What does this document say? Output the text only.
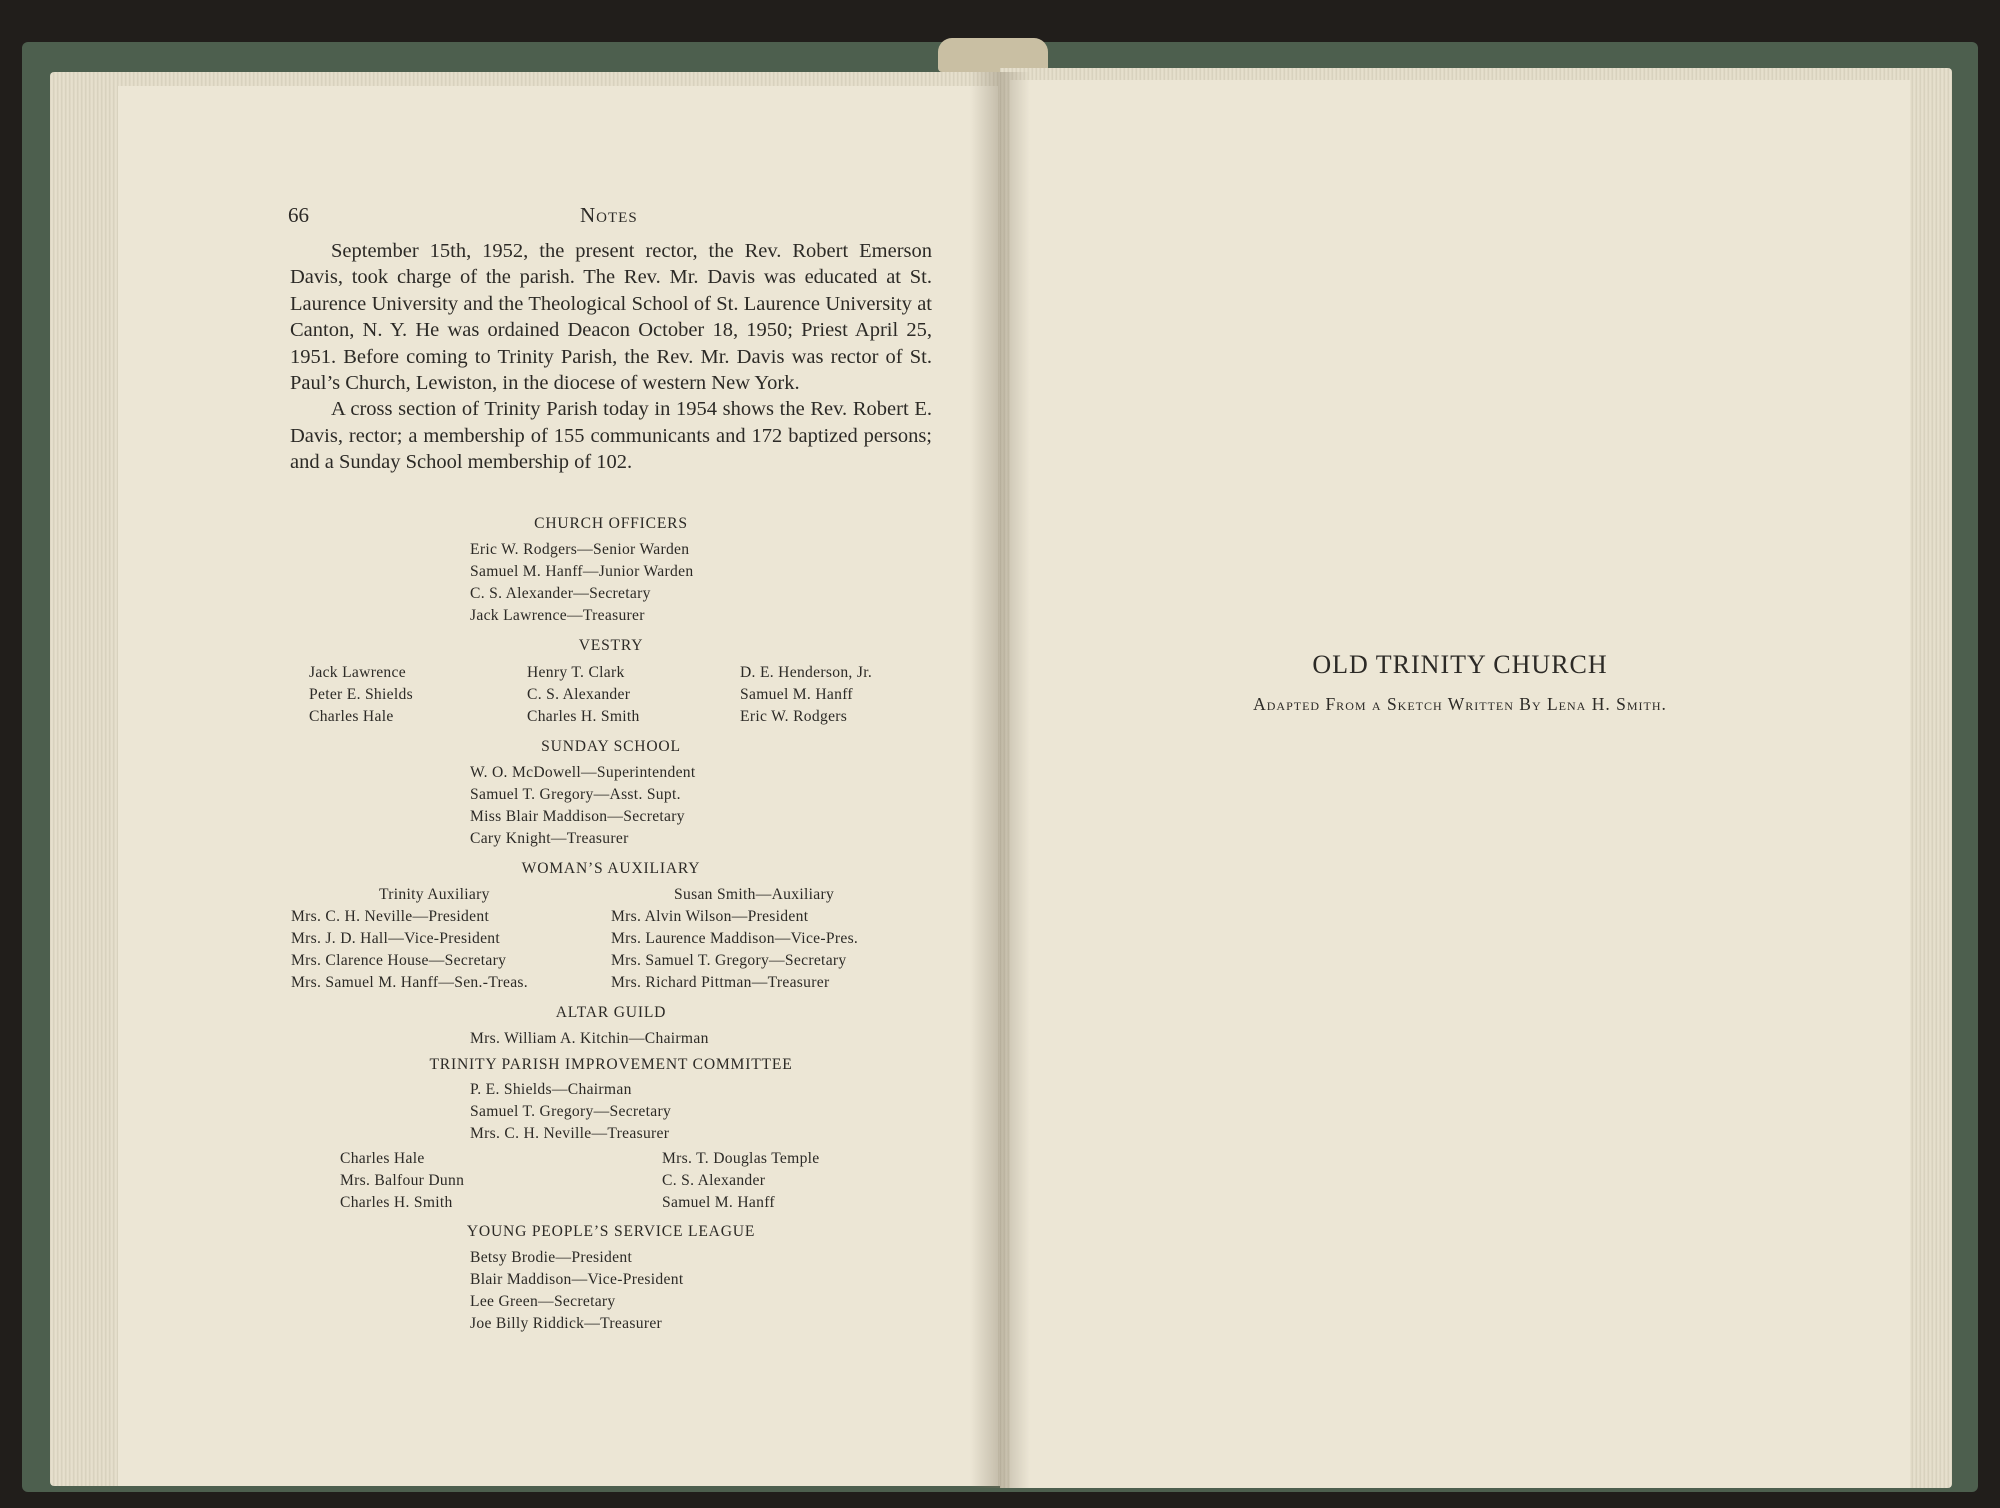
66	Notes

September 15th, 1952, the present rector, the Rev. Robert Emerson Davis, took charge of the parish. The Rev. Mr. Davis was educated at St. Laurence University and the Theological School of St. Laurence University at Canton, N. Y. He was ordained Deacon October 18, 1950; Priest April 25, 1951. Before coming to Trinity Parish, the Rev. Mr. Davis was rector of St. Paul’s Church, Lewiston, in the diocese of western New York.

A cross section of Trinity Parish today in 1954 shows the Rev. Robert E. Davis, rector; a membership of 155 communicants and 172 baptized persons; and a Sunday School membership of 102.

CHURCH OFFICERS
Eric W. Rodgers—Senior Warden
Samuel M. Hanff—Junior Warden
C. S. Alexander—Secretary
Jack Lawrence—Treasurer
VESTRY
Jack Lawrence
Peter E. Shields
Charles Hale
Henry T. Clark
C. S. Alexander
Charles H. Smith
D. E. Henderson, Jr.
Samuel M. Hanff
Eric W. Rodgers
SUNDAY SCHOOL
W. O. McDowell—Superintendent
Samuel T. Gregory—Asst. Supt.
Miss Blair Maddison—Secretary
Cary Knight—Treasurer
WOMAN’S AUXILIARY
Trinity Auxiliary	Susan Smith—Auxiliary
Mrs. C. H. Neville—President
Mrs. J. D. Hall—Vice-President
Mrs. Clarence House—Secretary
Mrs. Samuel M. Hanff—Sen.-Treas.
Mrs. Alvin Wilson—President
Mrs. Laurence Maddison—Vice-Pres.
Mrs. Samuel T. Gregory—Secretary
Mrs. Richard Pittman—Treasurer
ALTAR GUILD
Mrs. William A. Kitchin—Chairman
TRINITY PARISH IMPROVEMENT COMMITTEE
P. E. Shields—Chairman
Samuel T. Gregory—Secretary
Mrs. C. H. Neville—Treasurer
Charles Hale
Mrs. Balfour Dunn
Charles H. Smith
Mrs. T. Douglas Temple
C. S. Alexander
Samuel M. Hanff
YOUNG PEOPLE’S SERVICE LEAGUE
Betsy Brodie—President
Blair Maddison—Vice-President
Lee Green—Secretary
Joe Billy Riddick—Treasurer
OLD TRINITY CHURCH
Adapted From a Sketch Written By Lena H. Smith.
